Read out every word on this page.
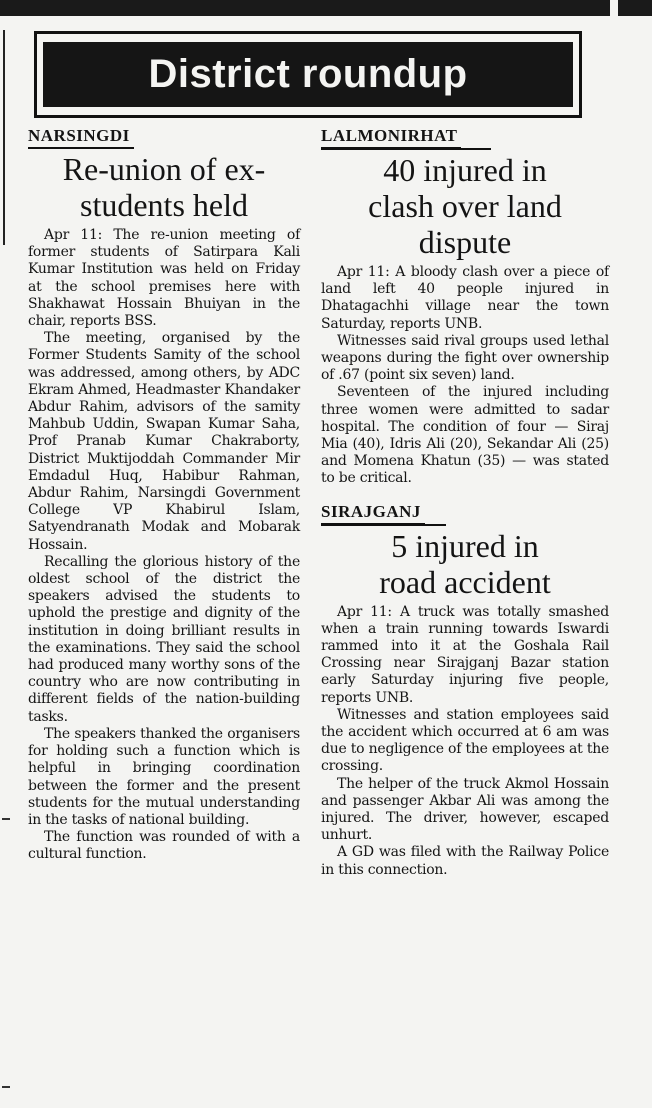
District roundup
NARSINGDI
Re-union of ex-students held

Apr 11: The re-union meeting of former students of Satirpara Kali Kumar Institution was held on Friday at the school premises here with Shakhawat Hossain Bhuiyan in the chair, reports BSS.

The meeting, organised by the Former Students Samity of the school was addressed, among others, by ADC Ekram Ahmed, Headmaster Khandaker Abdur Rahim, advisors of the samity Mahbub Uddin, Swapan Kumar Saha, Prof Pranab Kumar Chakraborty, District Muktijoddah Commander Mir Emdadul Huq, Habibur Rahman, Abdur Rahim, Narsingdi Government College VP Khabirul Islam, Satyendranath Modak and Mobarak Hossain.

Recalling the glorious history of the oldest school of the district the speakers advised the students to uphold the prestige and dignity of the institution in doing brilliant results in the examinations. They said the school had produced many worthy sons of the country who are now contributing in different fields of the nation-building tasks.

The speakers thanked the organisers for holding such a function which is helpful in bringing coordination between the former and the present students for the mutual understanding in the tasks of national building.

The function was rounded of with a cultural function.

LALMONIRHAT
40 injured in clash over land dispute

Apr 11: A bloody clash over a piece of land left 40 people injured in Dhatagachhi village near the town Saturday, reports UNB.

Witnesses said rival groups used lethal weapons during the fight over ownership of .67 (point six seven) land.

Seventeen of the injured including three women were admitted to sadar hospital. The condition of four — Siraj Mia (40), Idris Ali (20), Sekandar Ali (25) and Momena Khatun (35) — was stated to be critical.

SIRAJGANJ
5 injured in road accident

Apr 11: A truck was totally smashed when a train running towards Iswardi rammed into it at the Goshala Rail Crossing near Sirajganj Bazar station early Saturday injuring five people, reports UNB.

Witnesses and station employees said the accident which occurred at 6 am was due to negligence of the employees at the crossing.

The helper of the truck Akmol Hossain and passenger Akbar Ali was among the injured. The driver, however, escaped unhurt.

A GD was filed with the Railway Police in this connection.
